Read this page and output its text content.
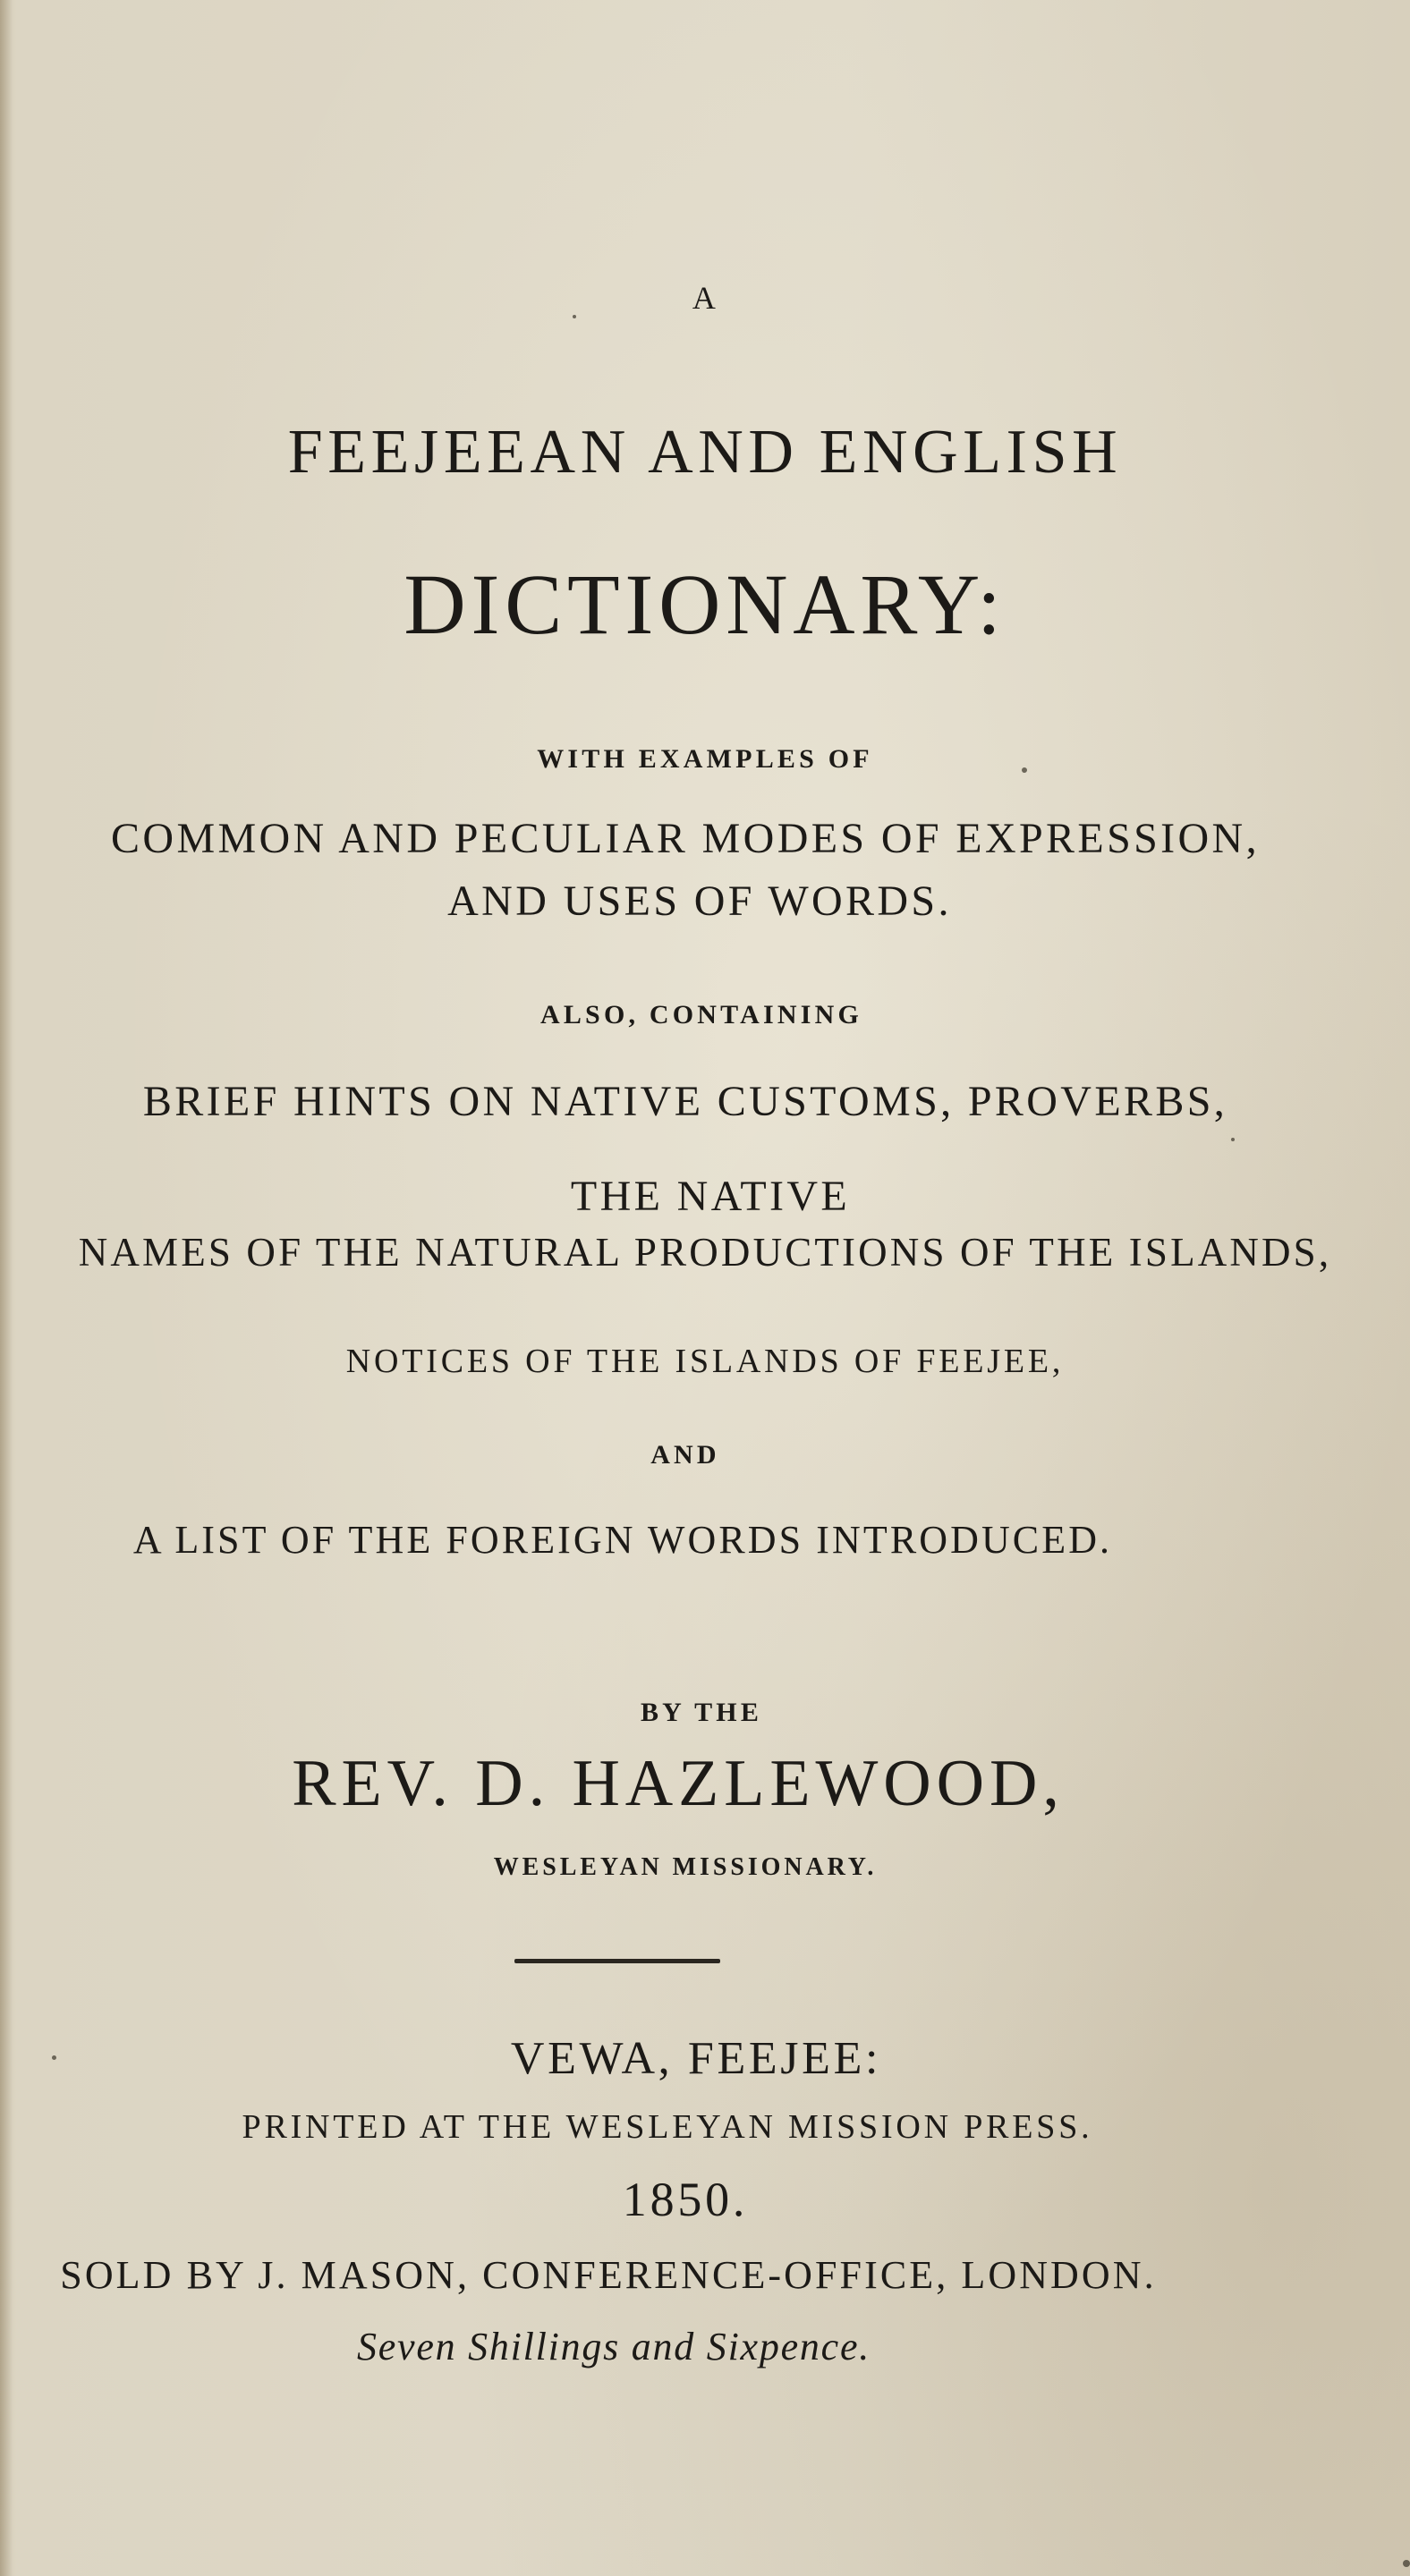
A
FEEJEEAN AND ENGLISH
DICTIONARY:
WITH EXAMPLES OF
COMMON AND PECULIAR MODES OF EXPRESSION,
AND USES OF WORDS.
ALSO, CONTAINING
BRIEF HINTS ON NATIVE CUSTOMS, PROVERBS,
THE NATIVE
NAMES OF THE NATURAL PRODUCTIONS OF THE ISLANDS,
NOTICES OF THE ISLANDS OF FEEJEE,
AND
A LIST OF THE FOREIGN WORDS INTRODUCED.
BY THE
REV. D. HAZLEWOOD,
WESLEYAN MISSIONARY.
VEWA, FEEJEE:
PRINTED AT THE WESLEYAN MISSION PRESS.
1850.
SOLD BY J. MASON, CONFERENCE-OFFICE, LONDON.
Seven Shillings and Sixpence.
